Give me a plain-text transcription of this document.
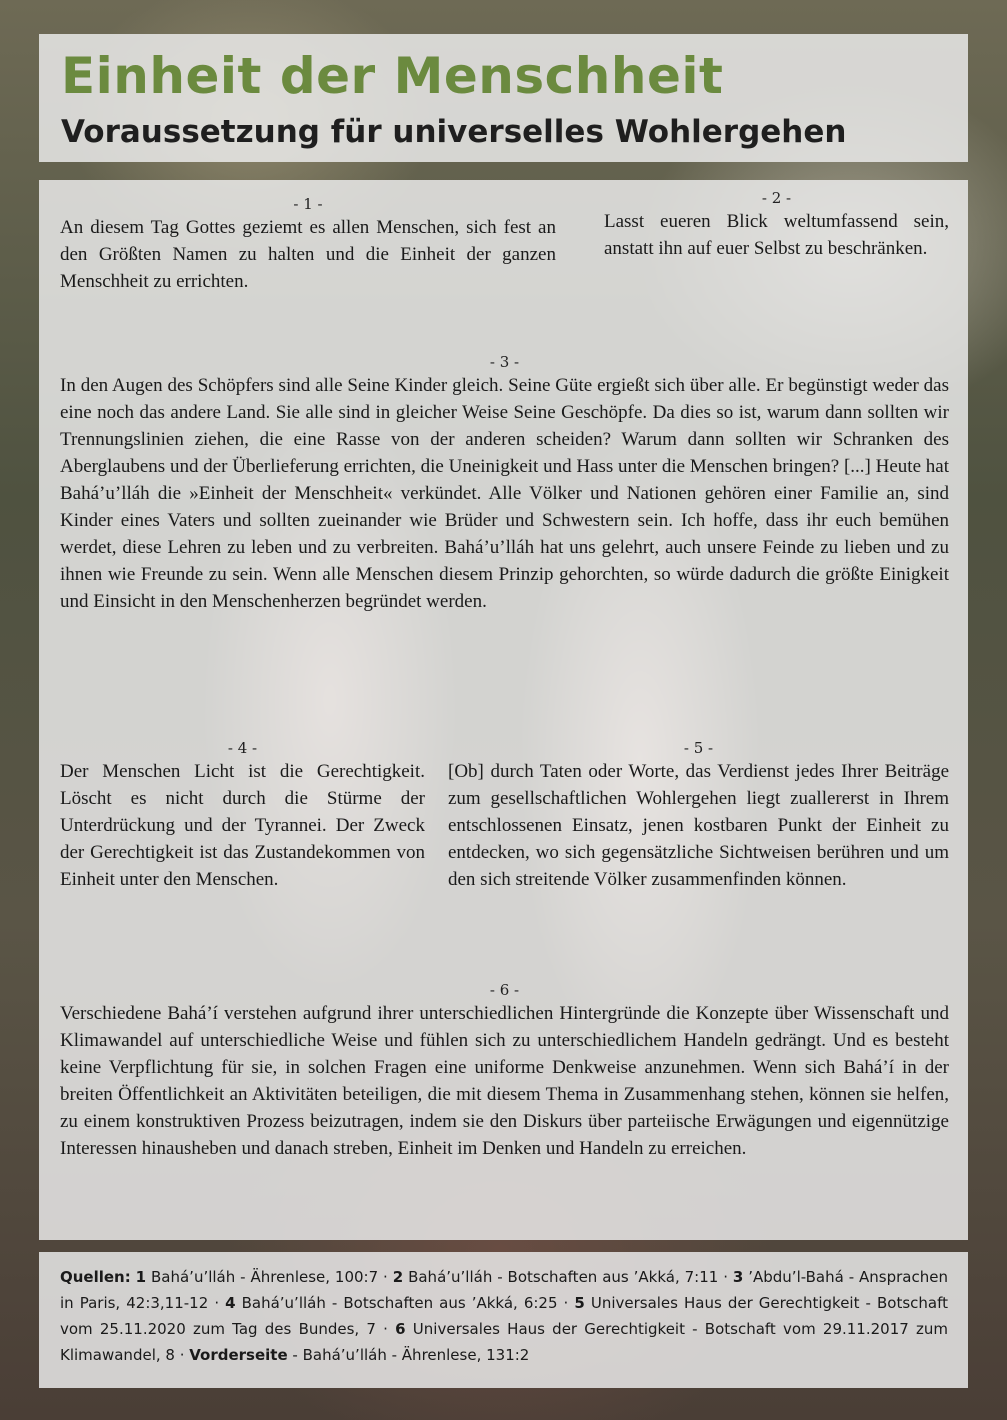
Einheit der Menschheit
Voraussetzung für universelles Wohlergehen
- 1 -

An diesem Tag Gottes geziemt es allen Menschen, sich fest an den Größten Namen zu halten und die Einheit der ganzen Menschheit zu errichten.

- 2 -

Lasst eueren Blick weltumfassend sein, anstatt ihn auf euer Selbst zu beschränken.

- 3 -

In den Augen des Schöpfers sind alle Seine Kinder gleich. Seine Güte ergießt sich über alle. Er begünstigt weder das eine noch das andere Land. Sie alle sind in gleicher Weise Seine Geschöpfe. Da dies so ist, warum dann sollten wir Trennungslinien ziehen, die eine Rasse von der anderen scheiden? Warum dann sollten wir Schranken des Aberglaubens und der Überlieferung errichten, die Uneinigkeit und Hass unter die Menschen bringen? [...] Heute hat Bahá’u’lláh die »Einheit der Menschheit« verkündet. Alle Völker und Nationen gehören einer Familie an, sind Kinder eines Vaters und sollten zueinander wie Brüder und Schwestern sein. Ich hoffe, dass ihr euch bemühen werdet, diese Lehren zu leben und zu verbreiten. Bahá’u’lláh hat uns gelehrt, auch unsere Feinde zu lieben und zu ihnen wie Freunde zu sein. Wenn alle Menschen diesem Prinzip gehorchten, so würde dadurch die größte Einigkeit und Einsicht in den Menschenherzen begründet werden.

- 4 -

Der Menschen Licht ist die Gerechtigkeit. Löscht es nicht durch die Stürme der Unterdrückung und der Tyrannei. Der Zweck der Gerechtigkeit ist das Zustandekommen von Einheit unter den Menschen.

- 5 -

[Ob] durch Taten oder Worte, das Verdienst jedes Ihrer Beiträge zum gesellschaftlichen Wohlergehen liegt zuallererst in Ihrem entschlossenen Einsatz, jenen kostbaren Punkt der Einheit zu entdecken, wo sich gegensätzliche Sichtweisen berühren und um den sich streitende Völker zusammenfinden können.

- 6 -

Verschiedene Bahá’í verstehen aufgrund ihrer unterschiedlichen Hintergründe die Konzepte über Wissenschaft und Klimawandel auf unterschiedliche Weise und fühlen sich zu unterschiedlichem Handeln gedrängt. Und es besteht keine Verpflichtung für sie, in solchen Fragen eine uniforme Denkweise anzunehmen. Wenn sich Bahá’í in der breiten Öffentlichkeit an Aktivitäten beteiligen, die mit diesem Thema in Zusammenhang stehen, können sie helfen, zu einem konstruktiven Prozess beizutragen, indem sie den Diskurs über parteiische Erwägungen und eigennützige Interessen hinausheben und danach streben, Einheit im Denken und Handeln zu erreichen.

Quellen: 1 Bahá’u’lláh - Ährenlese, 100:7 · 2 Bahá’u’lláh - Botschaften aus ’Akká, 7:11 · 3 ’Abdu’l-Bahá - Ansprachen in Paris, 42:3,11-12 · 4 Bahá’u’lláh - Botschaften aus ’Akká, 6:25 · 5 Universales Haus der Gerechtigkeit - Botschaft vom 25.11.2020 zum Tag des Bundes, 7 · 6 Universales Haus der Gerechtigkeit - Botschaft vom 29.11.2017 zum Klimawandel, 8 · Vorderseite - Bahá’u’lláh - Ährenlese, 131:2
